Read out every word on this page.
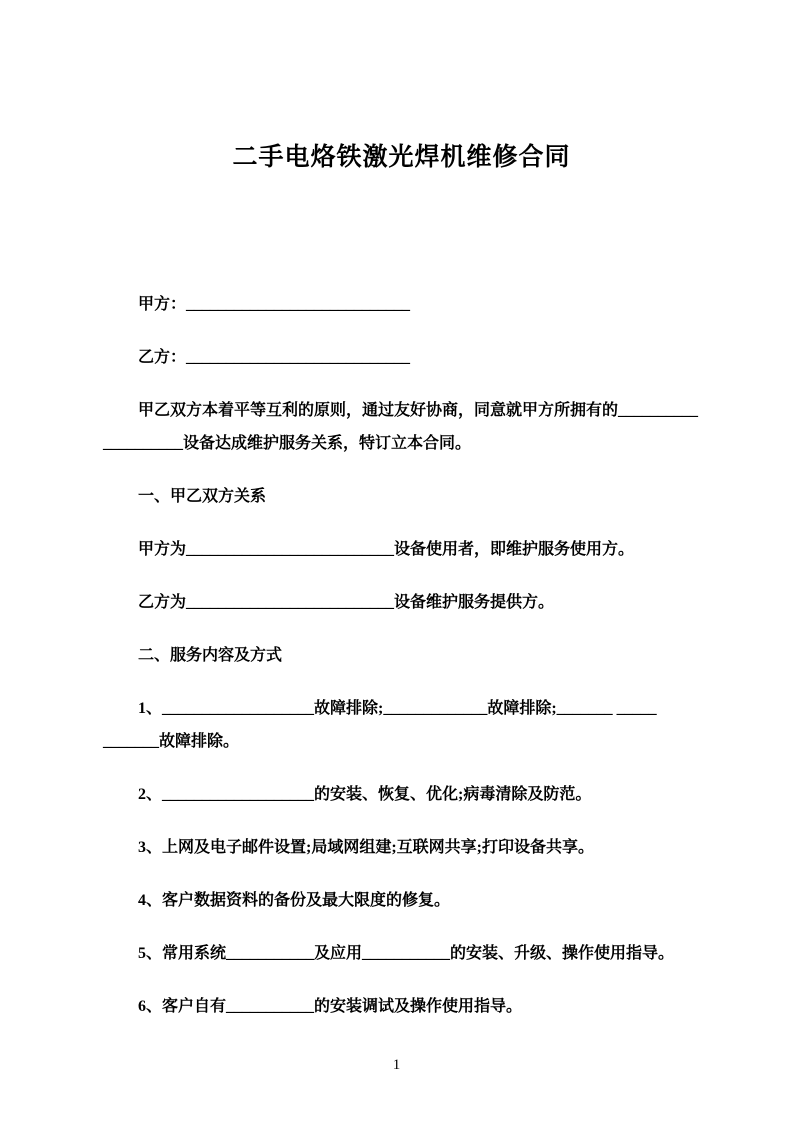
二手电烙铁激光焊机维修合同

甲方：____________________________

乙方：____________________________

甲乙双方本着平等互利的原则，通过友好协商，同意就甲方所拥有的__________
__________设备达成维护服务关系，特订立本合同。

一、甲乙双方关系

甲方为__________________________设备使用者，即维护服务使用方。

乙方为__________________________设备维护服务提供方。

二、服务内容及方式

1、___________________故障排除;_____________故障排除;_______ _____
_______故障排除。

2、___________________的安装、恢复、优化;病毒清除及防范。

3、上网及电子邮件设置;局域网组建;互联网共享;打印设备共享。

4、客户数据资料的备份及最大限度的修复。

5、常用系统___________及应用___________的安装、升级、操作使用指导。

6、客户自有___________的安装调试及操作使用指导。

1
